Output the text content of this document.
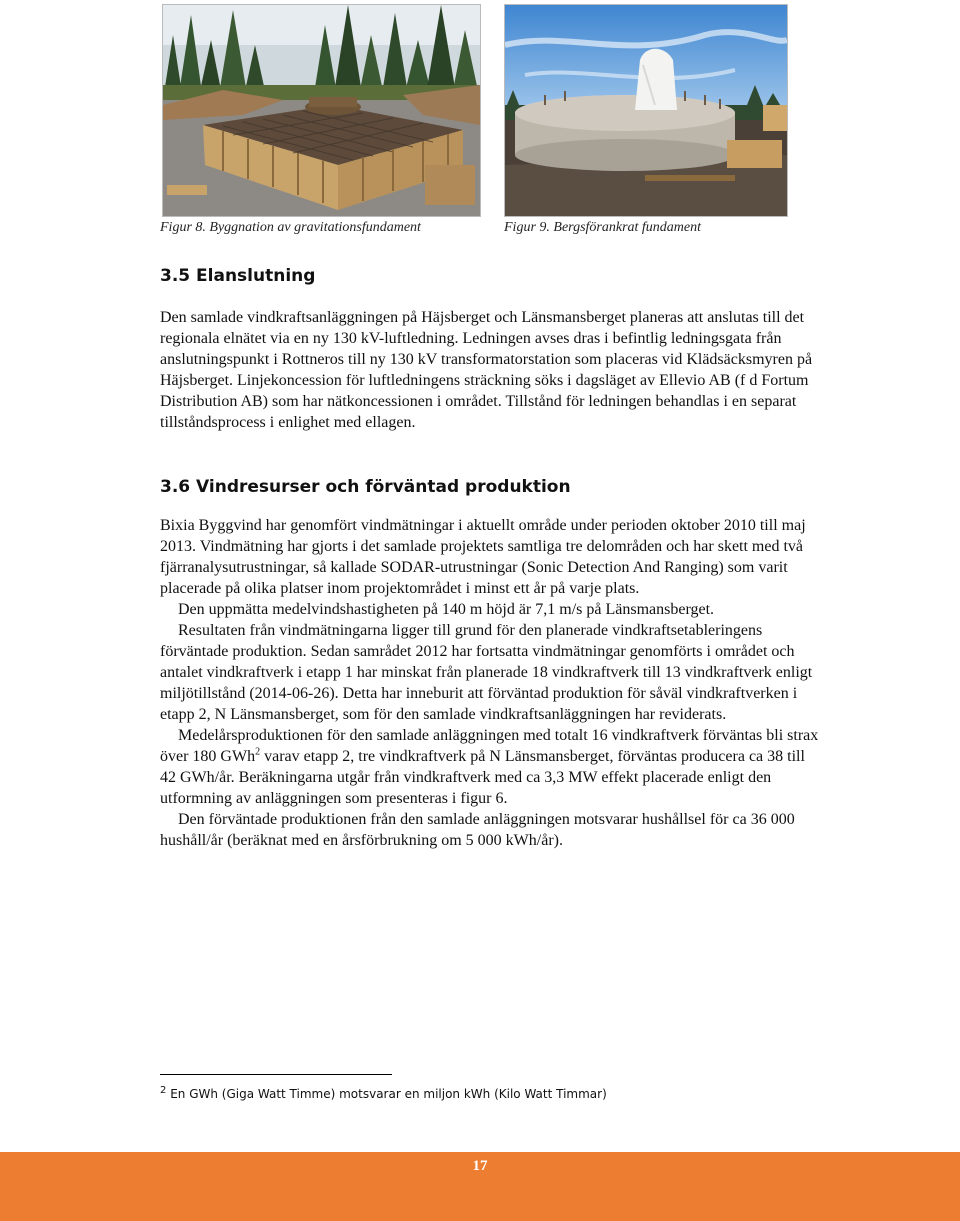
Figur 8. Byggnation av gravitationsfundament	Figur 9. Bergsförankrat fundament
3.5 Elanslutning

Den samlade vindkraftsanläggningen på Häjsberget och Länsmansberget planeras att anslutas till det regionala elnätet via en ny 130 kV-luftledning. Ledningen avses dras i befintlig ledningsgata från anslutningspunkt i Rottneros till ny 130 kV transformatorstation som placeras vid Klädsäcksmyren på Häjsberget. Linjekoncession för luftledningens sträckning söks i dagsläget av Ellevio AB (f d Fortum Distribution AB) som har nätkoncessionen i området. Tillstånd för ledningen behandlas i en separat tillståndsprocess i enlighet med ellagen.

3.6 Vindresurser och förväntad produktion

Bixia Byggvind har genomfört vindmätningar i aktuellt område under perioden oktober 2010 till maj 2013. Vindmätning har gjorts i det samlade projektets samtliga tre delområden och har skett med två fjärranalysutrustningar, så kallade SODAR-utrustningar (Sonic Detection And Ranging) som varit placerade på olika platser inom projektområdet i minst ett år på varje plats.

Den uppmätta medelvindshastigheten på 140 m höjd är 7,1 m/s på Länsmansberget.

Resultaten från vindmätningarna ligger till grund för den planerade vindkraftsetableringens förväntade produktion. Sedan samrådet 2012 har fortsatta vindmätningar genomförts i området och antalet vindkraftverk i etapp 1 har minskat från planerade 18 vindkraftverk till 13 vindkraftverk enligt miljötillstånd (2014-06-26). Detta har inneburit att förväntad produktion för såväl vindkraftverken i etapp 2, N Länsmansberget, som för den samlade vindkraftsanläggningen har reviderats.

Medelårsproduktionen för den samlade anläggningen med totalt 16 vindkraftverk förväntas bli strax över 180 GWh$^2$ varav etapp 2, tre vindkraftverk på N Länsmansberget, förväntas producera ca 38 till 42 GWh/år. Beräkningarna utgår från vindkraftverk med ca 3,3 MW effekt placerade enligt den utformning av anläggningen som presenteras i figur 6.

Den förväntade produktionen från den samlade anläggningen motsvarar hushållsel för ca 36 000 hushåll/år (beräknat med en årsförbrukning om 5 000 kWh/år).

$^2$ En GWh (Giga Watt Timme) motsvarar en miljon kWh (Kilo Watt Timmar)
17
